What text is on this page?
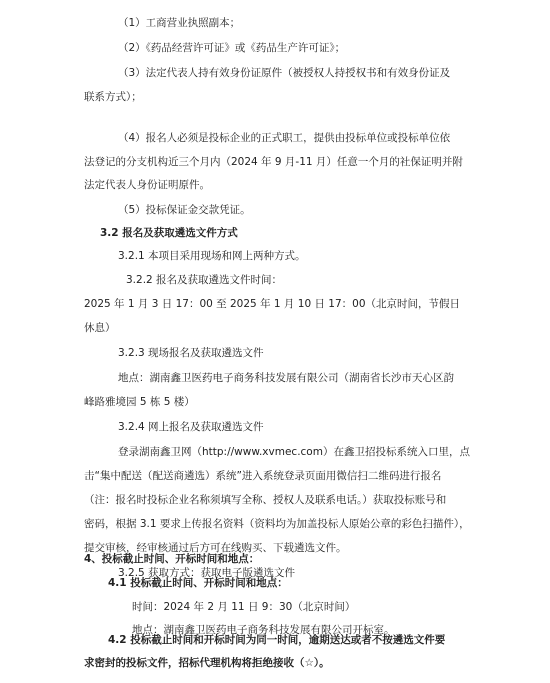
（1）工商营业执照副本；
（2）《药品经营许可证》或《药品生产许可证》；
（3）法定代表人持有效身份证原件（被授权人持授权书和有效身份证及
联系方式）；
（4）报名人必须是投标企业的正式职工，提供由投标单位或投标单位依
法登记的分支机构近三个月内（2024 年 9 月-11 月）任意一个月的社保证明并附
法定代表人身份证明原件。
（5）投标保证金交款凭证。
3.2 报名及获取遴选文件方式
3.2.1 本项目采用现场和网上两种方式。
3.2.2 报名及获取遴选文件时间：
2025 年 1 月 3 日 17：00 至 2025 年 1 月 10 日 17：00（北京时间，节假日
休息）
3.2.3 现场报名及获取遴选文件
地点：湖南鑫卫医药电子商务科技发展有限公司（湖南省长沙市天心区韵
峰路雅境园 5 栋 5 楼）
3.2.4 网上报名及获取遴选文件
登录湖南鑫卫网（http://www.xvmec.com）在鑫卫招投标系统入口里，点
击“集中配送（配送商遴选）系统”进入系统登录页面用微信扫二维码进行报名
（注：报名时投标企业名称须填写全称、授权人及联系电话。）获取投标账号和
密码，根据 3.1 要求上传报名资料（资料均为加盖投标人原始公章的彩色扫描件），
提交审核，经审核通过后方可在线购买、下载遴选文件。
3.2.5 获取方式：获取电子版遴选文件
4、投标截止时间、开标时间和地点：
4.1 投标截止时间、开标时间和地点：
时间：2024 年 2 月 11 日 9：30（北京时间）
地点：湖南鑫卫医药电子商务科技发展有限公司开标室。
4.2 投标截止时间和开标时间为同一时间，逾期送达或者不按遴选文件要
求密封的投标文件，招标代理机构将拒绝接收（☆）。
